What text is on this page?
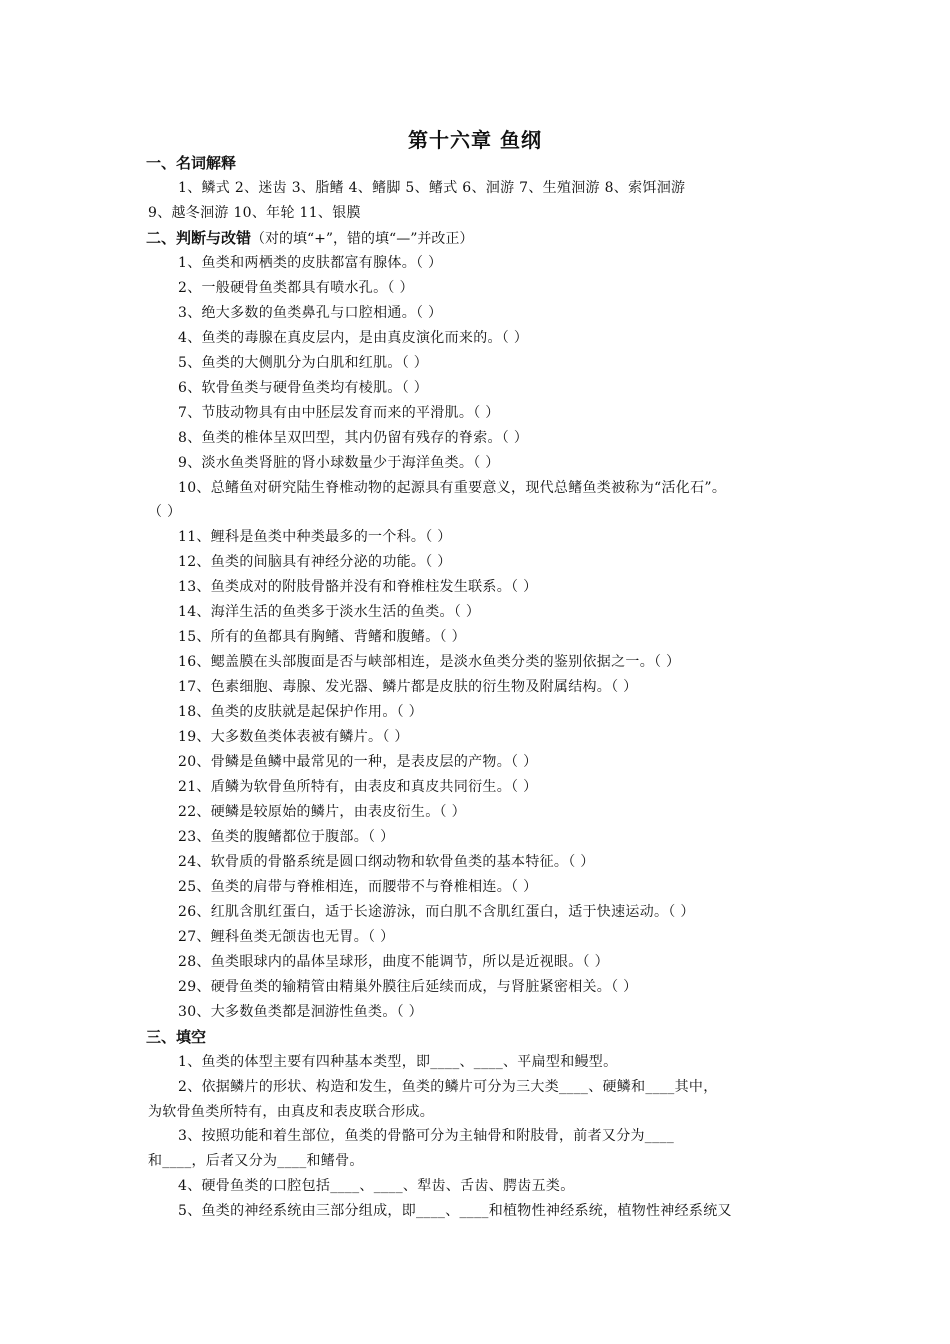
第十六章 鱼纲
一、名词解释
1、鳞式 2、迷齿 3、脂鳍 4、鳍脚 5、鳍式 6、洄游 7、生殖洄游 8、索饵洄游
9、越冬洄游 10、年轮 11、银膜
二、判断与改错（对的填“+”，错的填“—”并改正）
1、鱼类和两栖类的皮肤都富有腺体。（ ）
2、一般硬骨鱼类都具有喷水孔。（ ）
3、绝大多数的鱼类鼻孔与口腔相通。（ ）
4、鱼类的毒腺在真皮层内，是由真皮演化而来的。（ ）
5、鱼类的大侧肌分为白肌和红肌。（ ）
6、软骨鱼类与硬骨鱼类均有棱肌。（ ）
7、节肢动物具有由中胚层发育而来的平滑肌。（ ）
8、鱼类的椎体呈双凹型，其内仍留有残存的脊索。（ ）
9、淡水鱼类肾脏的肾小球数量少于海洋鱼类。（ ）
10、总鳍鱼对研究陆生脊椎动物的起源具有重要意义，现代总鳍鱼类被称为“活化石”。
（ ）
11、鲤科是鱼类中种类最多的一个科。（ ）
12、鱼类的间脑具有神经分泌的功能。（ ）
13、鱼类成对的附肢骨骼并没有和脊椎柱发生联系。（ ）
14、海洋生活的鱼类多于淡水生活的鱼类。（ ）
15、所有的鱼都具有胸鳍、背鳍和腹鳍。（ ）
16、鳃盖膜在头部腹面是否与峡部相连，是淡水鱼类分类的鉴别依据之一。（ ）
17、色素细胞、毒腺、发光器、鳞片都是皮肤的衍生物及附属结构。（ ）
18、鱼类的皮肤就是起保护作用。（ ）
19、大多数鱼类体表被有鳞片。（ ）
20、骨鳞是鱼鳞中最常见的一种，是表皮层的产物。（ ）
21、盾鳞为软骨鱼所特有，由表皮和真皮共同衍生。（ ）
22、硬鳞是较原始的鳞片，由表皮衍生。（ ）
23、鱼类的腹鳍都位于腹部。（ ）
24、软骨质的骨骼系统是圆口纲动物和软骨鱼类的基本特征。（ ）
25、鱼类的肩带与脊椎相连，而腰带不与脊椎相连。（ ）
26、红肌含肌红蛋白，适于长途游泳，而白肌不含肌红蛋白，适于快速运动。（ ）
27、鲤科鱼类无颌齿也无胃。（ ）
28、鱼类眼球内的晶体呈球形，曲度不能调节，所以是近视眼。（ ）
29、硬骨鱼类的输精管由精巢外膜往后延续而成，与肾脏紧密相关。（ ）
30、大多数鱼类都是洄游性鱼类。（ ）
三、填空
1、鱼类的体型主要有四种基本类型，即____、____、平扁型和鳗型。
2、依据鳞片的形状、构造和发生，鱼类的鳞片可分为三大类____、硬鳞和____其中，
为软骨鱼类所特有，由真皮和表皮联合形成。
3、按照功能和着生部位，鱼类的骨骼可分为主轴骨和附肢骨，前者又分为____
和____，后者又分为____和鳍骨。
4、硬骨鱼类的口腔包括____、____、犁齿、舌齿、腭齿五类。
5、鱼类的神经系统由三部分组成，即____、____和植物性神经系统，植物性神经系统又
